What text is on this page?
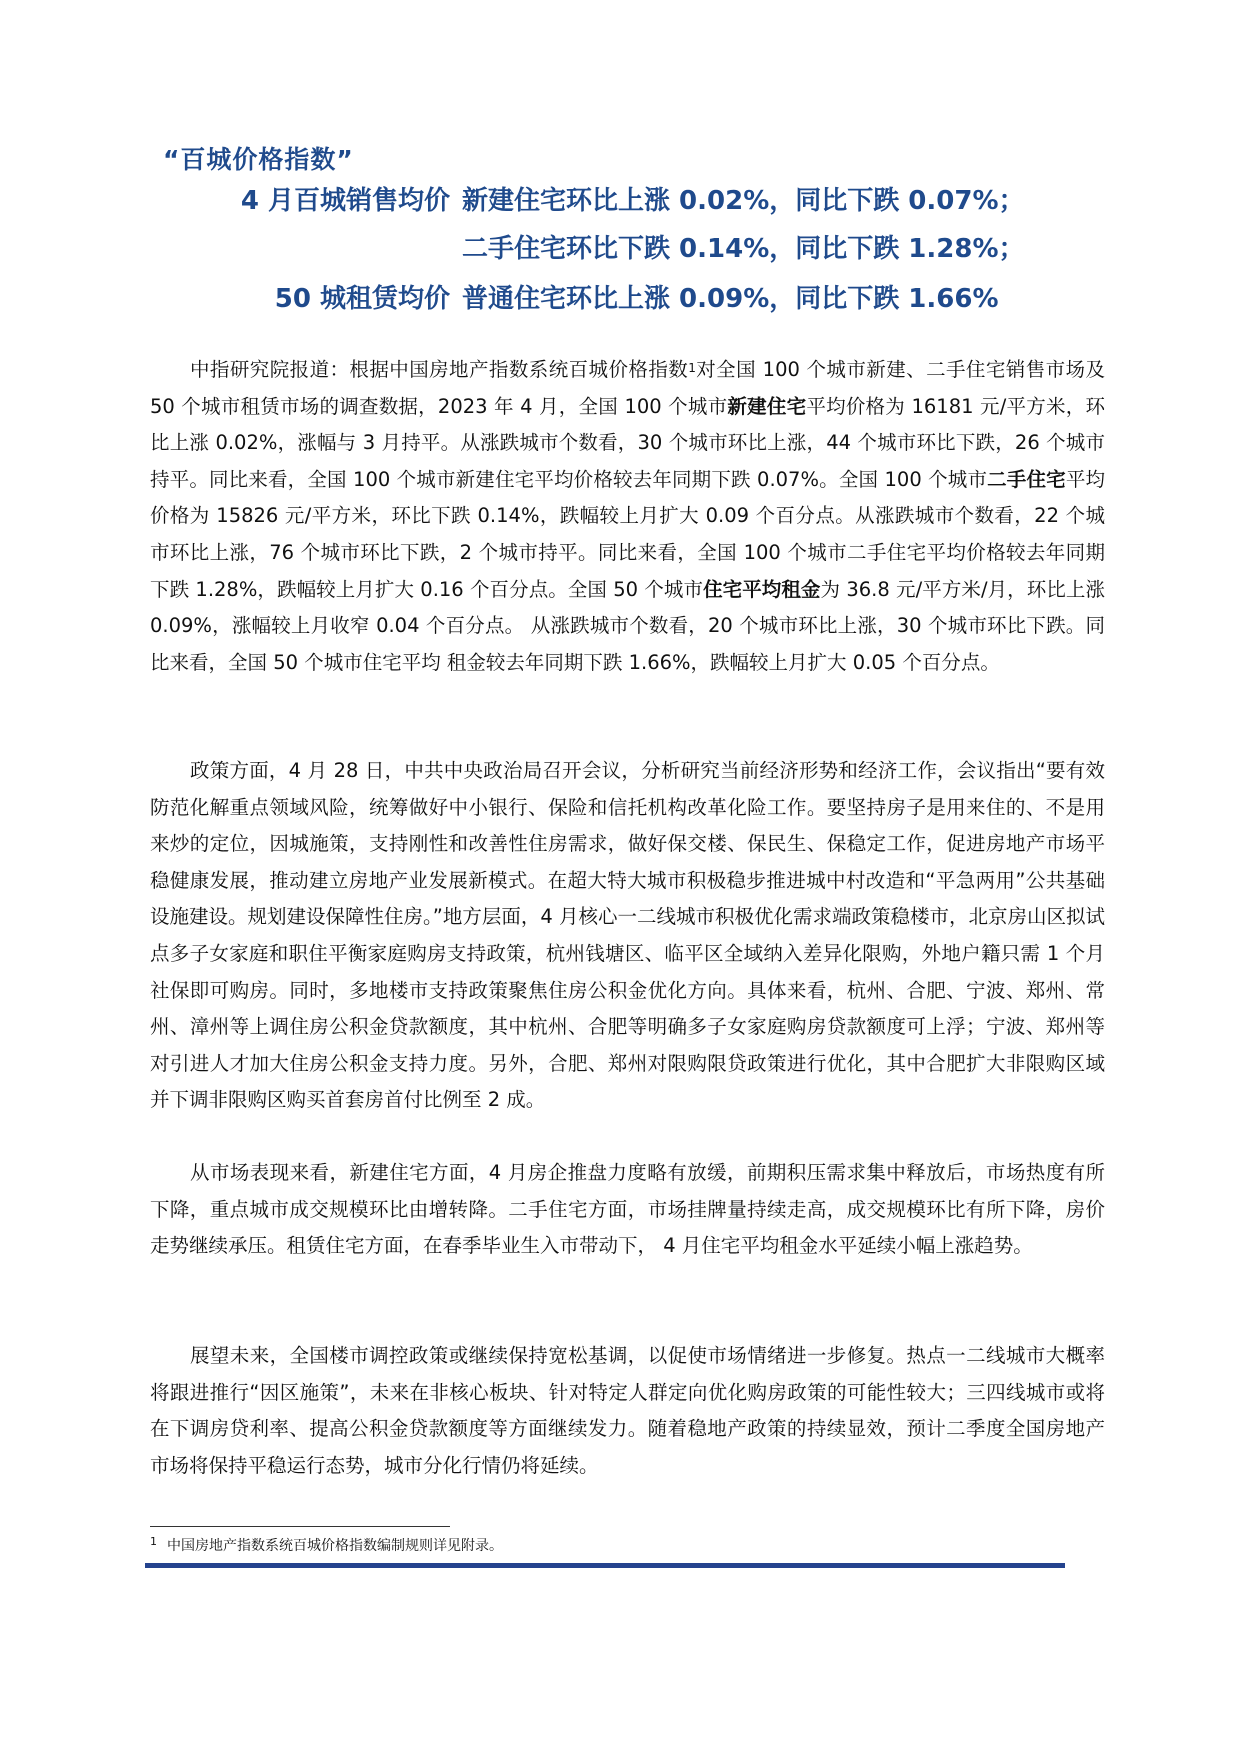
“百城价格指数”
4 月百城销售均价 新建住宅环比上涨 0.02%，同比下跌 0.07%；
二手住宅环比下跌 0.14%，同比下跌 1.28%；
50 城租赁均价 普通住宅环比上涨 0.09%，同比下跌 1.66%

中指研究院报道：根据中国房地产指数系统百城价格指数$^1$对全国 100 个城市新建、二手住宅销售市场及 50 个城市租赁市场的调查数据，2023 年 4 月，全国 100 个城市新建住宅平均价格为 16181 元/平方米，环比上涨 0.02%，涨幅与 3 月持平。从涨跌城市个数看，30 个城市环比上涨，44 个城市环比下跌，26 个城市持平。同比来看，全国 100 个城市新建住宅平均价格较去年同期下跌 0.07%。全国 100 个城市二手住宅平均价格为 15826 元/平方米，环比下跌 0.14%，跌幅较上月扩大 0.09 个百分点。从涨跌城市个数看，22 个城市环比上涨，76 个城市环比下跌，2 个城市持平。同比来看，全国 100 个城市二手住宅平均价格较去年同期下跌 1.28%，跌幅较上月扩大 0.16 个百分点。全国 50 个城市住宅平均租金为 36.8 元/平方米/月，环比上涨 0.09%，涨幅较上月收窄 0.04 个百分点。 从涨跌城市个数看，20 个城市环比上涨，30 个城市环比下跌。同比来看，全国 50 个城市住宅平均 租金较去年同期下跌 1.66%，跌幅较上月扩大 0.05 个百分点。

政策方面，4 月 28 日，中共中央政治局召开会议，分析研究当前经济形势和经济工作，会议指出“要有效防范化解重点领域风险，统筹做好中小银行、保险和信托机构改革化险工作。要坚持房子是用来住的、不是用来炒的定位，因城施策，支持刚性和改善性住房需求，做好保交楼、保民生、保稳定工作，促进房地产市场平稳健康发展，推动建立房地产业发展新模式。在超大特大城市积极稳步推进城中村改造和“平急两用”公共基础设施建设。规划建设保障性住房。”地方层面，4 月核心一二线城市积极优化需求端政策稳楼市，北京房山区拟试点多子女家庭和职住平衡家庭购房支持政策，杭州钱塘区、临平区全域纳入差异化限购，外地户籍只需 1 个月社保即可购房。同时，多地楼市支持政策聚焦住房公积金优化方向。具体来看，杭州、合肥、宁波、郑州、常州、漳州等上调住房公积金贷款额度，其中杭州、合肥等明确多子女家庭购房贷款额度可上浮；宁波、郑州等对引进人才加大住房公积金支持力度。另外，合肥、郑州对限购限贷政策进行优化，其中合肥扩大非限购区域并下调非限购区购买首套房首付比例至 2 成。

从市场表现来看，新建住宅方面，4 月房企推盘力度略有放缓，前期积压需求集中释放后，市场热度有所下降，重点城市成交规模环比由增转降。二手住宅方面，市场挂牌量持续走高，成交规模环比有所下降，房价走势继续承压。租赁住宅方面，在春季毕业生入市带动下， 4 月住宅平均租金水平延续小幅上涨趋势。

展望未来，全国楼市调控政策或继续保持宽松基调，以促使市场情绪进一步修复。热点一二线城市大概率将跟进推行“因区施策”，未来在非核心板块、针对特定人群定向优化购房政策的可能性较大；三四线城市或将在下调房贷利率、提高公积金贷款额度等方面继续发力。随着稳地产政策的持续显效，预计二季度全国房地产市场将保持平稳运行态势，城市分化行情仍将延续。

$^1$ 中国房地产指数系统百城价格指数编制规则详见附录。
